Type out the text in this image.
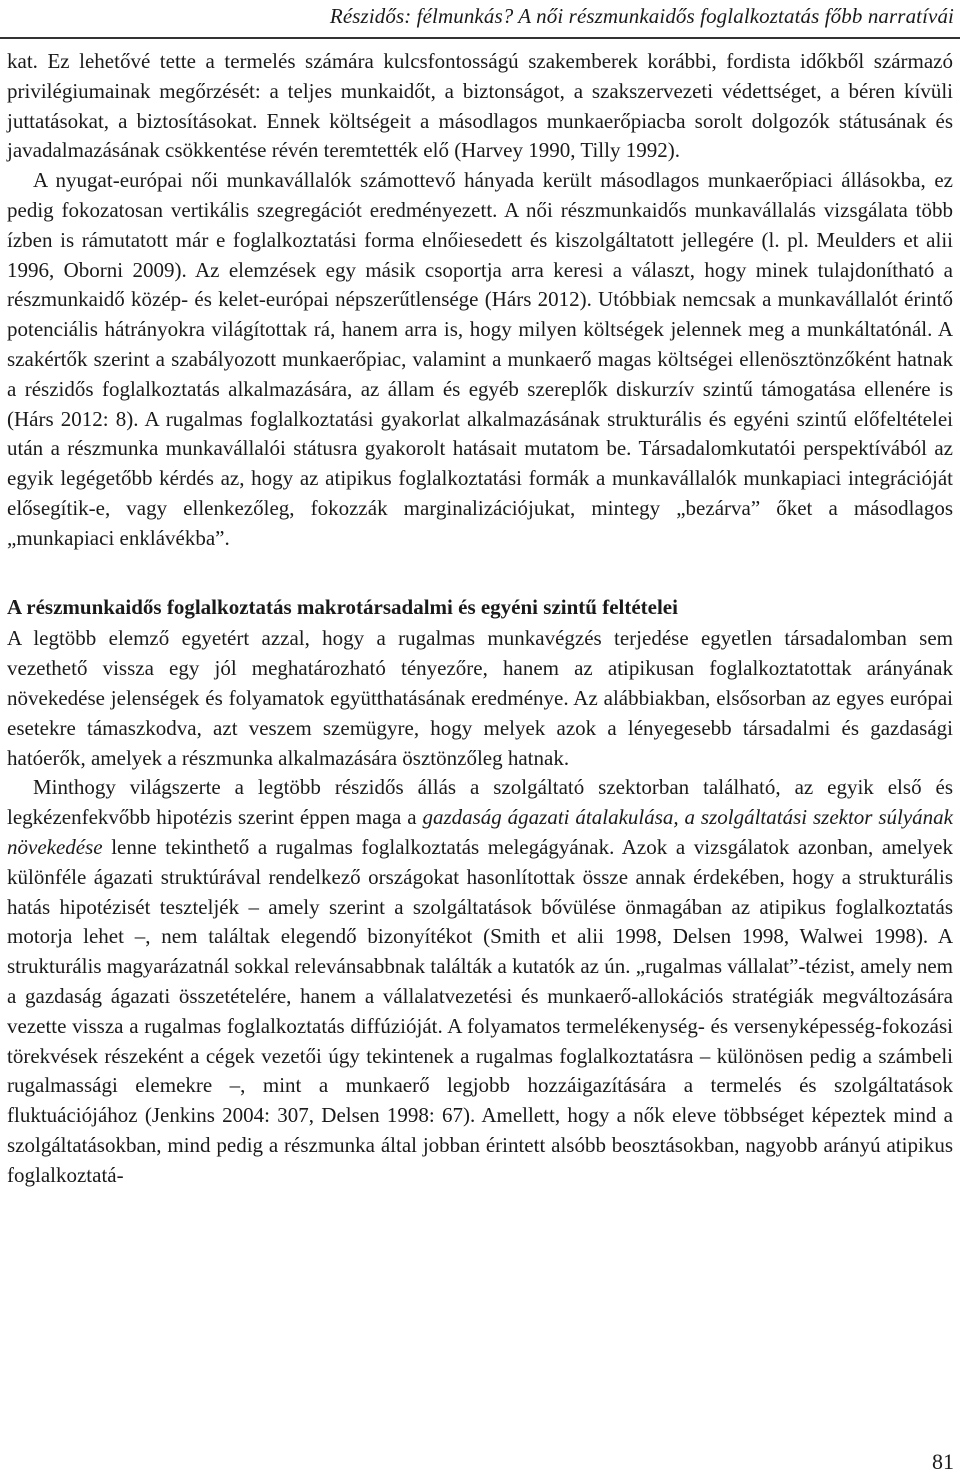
Részidős: félmunkás? A női részmunkaidős foglalkoztatás főbb narratívái

kat. Ez lehetővé tette a termelés számára kulcsfontosságú szakemberek korábbi, fordista időkből származó privilégiumainak megőrzését: a teljes munkaidőt, a biztonságot, a szakszervezeti védettséget, a béren kívüli juttatásokat, a biztosításokat. Ennek költségeit a másodlagos munkaerőpiacba sorolt dolgozók státusának és javadalmazásának csökkentése révén teremtették elő (Harvey 1990, Tilly 1992).

A nyugat-európai női munkavállalók számottevő hányada került másodlagos munkaerőpiaci állásokba, ez pedig fokozatosan vertikális szegregációt eredményezett. A női részmunkaidős munkavállalás vizsgálata több ízben is rámutatott már e foglalkoztatási forma elnőiesedett és kiszolgáltatott jellegére (l. pl. Meulders et alii 1996, Oborni 2009). Az elemzések egy másik csoportja arra keresi a választ, hogy minek tulajdonítható a részmunkaidő közép- és kelet-európai népszerűtlensége (Hárs 2012). Utóbbiak nemcsak a munkavállalót érintő potenciális hátrányokra világítottak rá, hanem arra is, hogy milyen költségek jelennek meg a munkáltatónál. A szakértők szerint a szabályozott munkaerőpiac, valamint a munkaerő magas költségei ellenösztönzőként hatnak a részidős foglalkoztatás alkalmazására, az állam és egyéb szereplők diskurzív szintű támogatása ellenére is (Hárs 2012: 8). A rugalmas foglalkoztatási gyakorlat alkalmazásának strukturális és egyéni szintű előfeltételei után a részmunka munkavállalói státusra gyakorolt hatásait mutatom be. Társadalomkutatói perspektívából az egyik legégetőbb kérdés az, hogy az atipikus foglalkoztatási formák a munkavállalók munkapiaci integrációját elősegítik-e, vagy ellenkezőleg, fokozzák marginalizációjukat, mintegy „bezárva” őket a másodlagos „munkapiaci enklávékba”.

A részmunkaidős foglalkoztatás makrotársadalmi és egyéni szintű feltételei

A legtöbb elemző egyetért azzal, hogy a rugalmas munkavégzés terjedése egyetlen társadalomban sem vezethető vissza egy jól meghatározható tényezőre, hanem az atipikusan foglalkoztatottak arányának növekedése jelenségek és folyamatok együtthatásának eredménye. Az alábbiakban, elsősorban az egyes európai esetekre támaszkodva, azt veszem szemügyre, hogy melyek azok a lényegesebb társadalmi és gazdasági hatóerők, amelyek a részmunka alkalmazására ösztönzőleg hatnak.

Minthogy világszerte a legtöbb részidős állás a szolgáltató szektorban található, az egyik első és legkézenfekvőbb hipotézis szerint éppen maga a gazdaság ágazati átalakulása, a szolgáltatási szektor súlyának növekedése lenne tekinthető a rugalmas foglalkoztatás melegágyának. Azok a vizsgálatok azonban, amelyek különféle ágazati struktúrával rendelkező országokat hasonlítottak össze annak érdekében, hogy a strukturális hatás hipotézisét teszteljék – amely szerint a szolgáltatások bővülése önmagában az atipikus foglalkoztatás motorja lehet –, nem találtak elegendő bizonyítékot (Smith et alii 1998, Delsen 1998, Walwei 1998). A strukturális magyarázatnál sokkal relevánsabbnak találták a kutatók az ún. „rugalmas vállalat”-tézist, amely nem a gazdaság ágazati összetételére, hanem a vállalatvezetési és munkaerő-allokációs stratégiák megváltozására vezette vissza a rugalmas foglalkoztatás diffúzióját. A folyamatos termelékenység- és versenyképesség-fokozási törekvések részeként a cégek vezetői úgy tekintenek a rugalmas foglalkoztatásra – különösen pedig a számbeli rugalmassági elemekre –, mint a munkaerő legjobb hozzáigazítására a termelés és szolgáltatások fluktuációjához (Jenkins 2004: 307, Delsen 1998: 67). Amellett, hogy a nők eleve többséget képeztek mind a szolgáltatásokban, mind pedig a részmunka által jobban érintett alsóbb beosztásokban, nagyobb arányú atipikus foglalkoztatá-

81
